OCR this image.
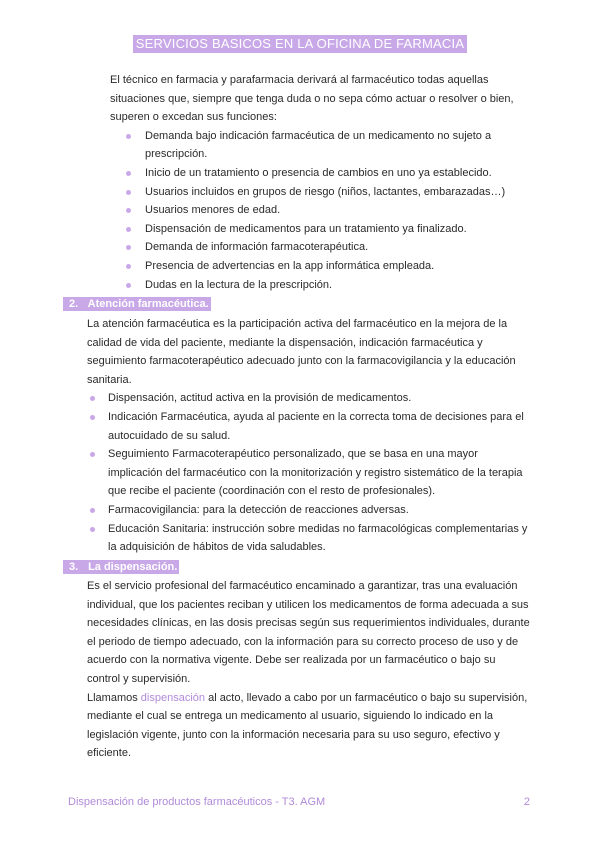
SERVICIOS BASICOS EN LA OFICINA DE FARMACIA

El técnico en farmacia y parafarmacia derivará al farmacéutico todas aquellas situaciones que, siempre que tenga duda o no sepa cómo actuar o resolver o bien, superen o excedan sus funciones:

Demanda bajo indicación farmacéutica de un medicamento no sujeto a prescripción.
Inicio de un tratamiento o presencia de cambios en uno ya establecido.
Usuarios incluidos en grupos de riesgo (niños, lactantes, embarazadas…)
Usuarios menores de edad.
Dispensación de medicamentos para un tratamiento ya finalizado.
Demanda de información farmacoterapéutica.
Presencia de advertencias en la app informática empleada.
Dudas en la lectura de la prescripción.
2. Atención farmacéutica.

La atención farmacéutica es la participación activa del farmacéutico en la mejora de la calidad de vida del paciente, mediante la dispensación, indicación farmacéutica y seguimiento farmacoterapéutico adecuado junto con la farmacovigilancia y la educación sanitaria.

Dispensación, actitud activa en la provisión de medicamentos.
Indicación Farmacéutica, ayuda al paciente en la correcta toma de decisiones para el autocuidado de su salud.
Seguimiento Farmacoterapéutico personalizado, que se basa en una mayor implicación del farmacéutico con la monitorización y registro sistemático de la terapia que recibe el paciente (coordinación con el resto de profesionales).
Farmacovigilancia: para la detección de reacciones adversas.
Educación Sanitaria: instrucción sobre medidas no farmacológicas complementarias y la adquisición de hábitos de vida saludables.
3. La dispensación.

Es el servicio profesional del farmacéutico encaminado a garantizar, tras una evaluación individual, que los pacientes reciban y utilicen los medicamentos de forma adecuada a sus necesidades clínicas, en las dosis precisas según sus requerimientos individuales, durante el periodo de tiempo adecuado, con la información para su correcto proceso de uso y de acuerdo con la normativa vigente. Debe ser realizada por un farmacéutico o bajo su control y supervisión.

Llamamos dispensación al acto, llevado a cabo por un farmacéutico o bajo su supervisión, mediante el cual se entrega un medicamento al usuario, siguiendo lo indicado en la legislación vigente, junto con la información necesaria para su uso seguro, efectivo y eficiente.

Dispensación de productos farmacéuticos - T3. AGM	2
